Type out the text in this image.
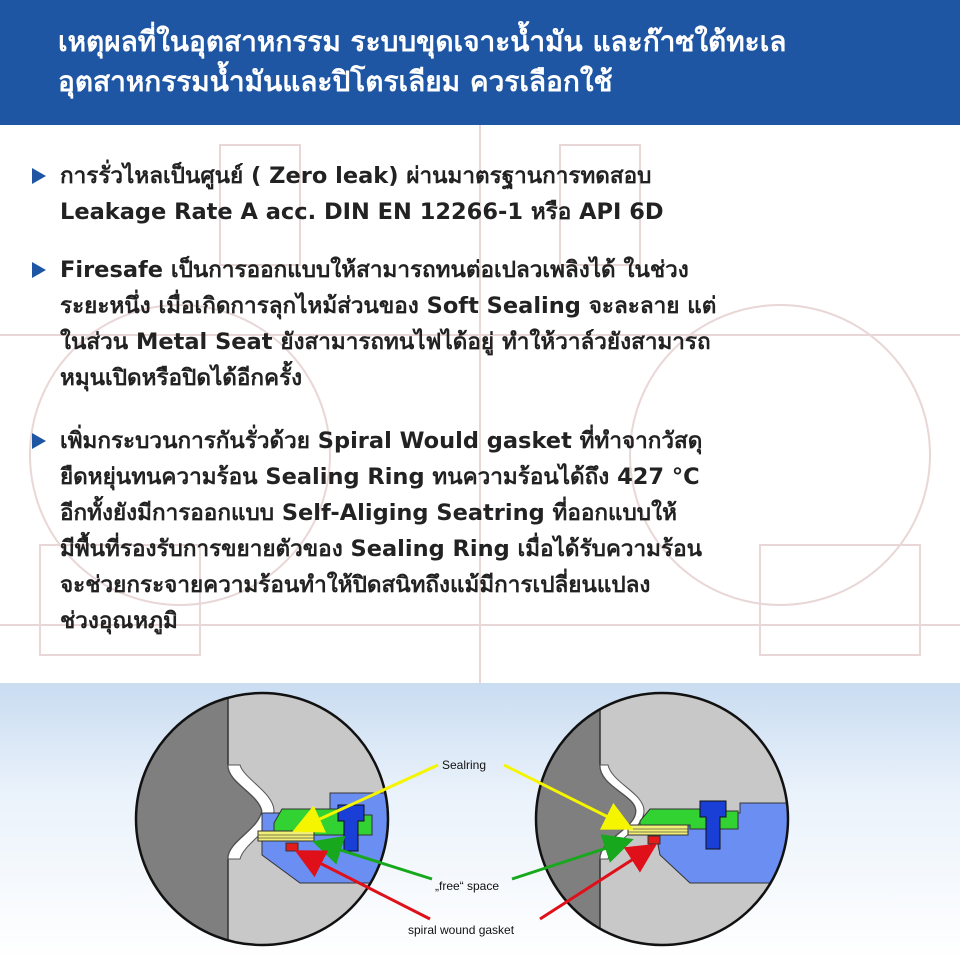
เหตุผลที่ในอุตสาหกรรม ระบบขุดเจาะน้ำมัน และก๊าซใต้ทะเล
อุตสาหกรรมน้ำมันและปิโตรเลียม ควรเลือกใช้

การรั่วไหลเป็นศูนย์ ( Zero leak) ผ่านมาตรฐานการทดสอบ
Leakage Rate A acc. DIN EN 12266-1 หรือ API 6D

Firesafe เป็นการออกแบบให้สามารถทนต่อเปลวเพลิงได้ ในช่วง
ระยะหนึ่ง เมื่อเกิดการลุกไหม้ส่วนของ Soft Sealing จะละลาย แต่
ในส่วน Metal Seat ยังสามารถทนไฟได้อยู่ ทำให้วาล์วยังสามารถ
หมุนเปิดหรือปิดได้อีกครั้ง

เพิ่มกระบวนการกันรั่วด้วย Spiral Would gasket ที่ทำจากวัสดุ
ยืดหยุ่นทนความร้อน Sealing Ring ทนความร้อนได้ถึง 427 °C
อีกทั้งยังมีการออกแบบ Self-Aliging Seatring ที่ออกแบบให้
มีพื้นที่รองรับการขยายตัวของ Sealing Ring เมื่อได้รับความร้อน
จะช่วยกระจายความร้อนทำให้ปิดสนิทถึงแม้มีการเปลี่ยนแปลง
ช่วงอุณหภูมิ

Sealring
„free“ space
spiral wound gasket
